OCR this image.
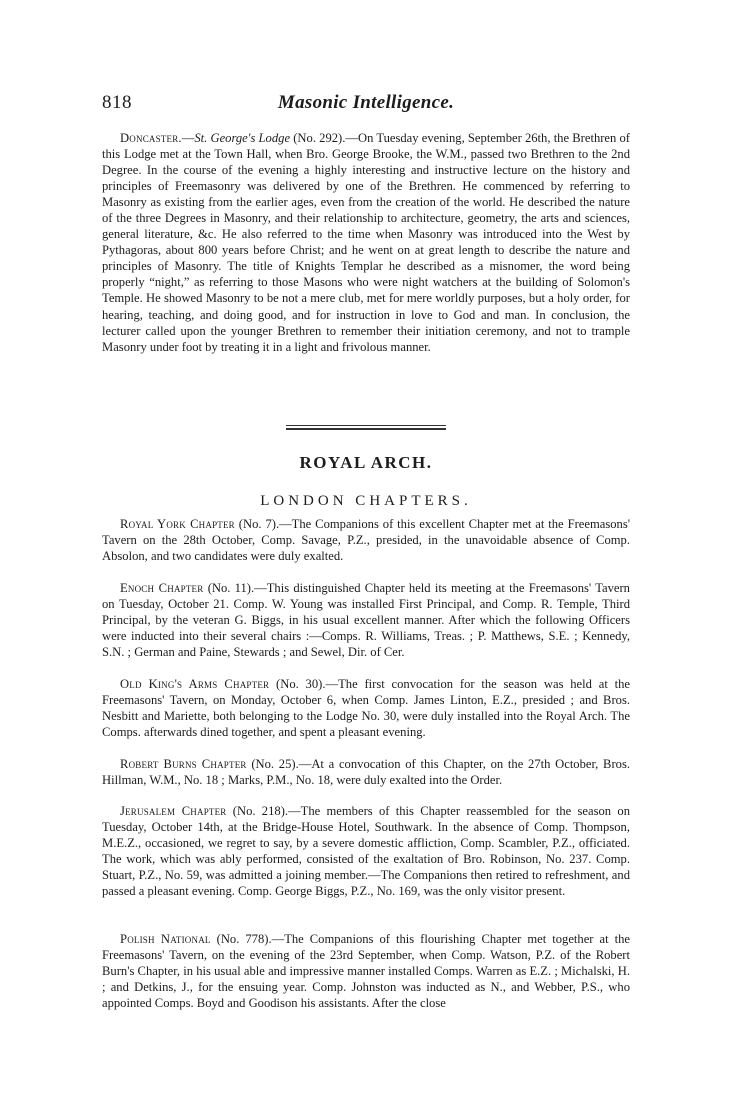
818	Masonic Intelligence.

Doncaster.—St. George's Lodge (No. 292).—On Tuesday evening, September 26th, the Brethren of this Lodge met at the Town Hall, when Bro. George Brooke, the W.M., passed two Brethren to the 2nd Degree. In the course of the evening a highly interesting and instructive lecture on the history and principles of Freemasonry was delivered by one of the Brethren. He commenced by referring to Masonry as existing from the earlier ages, even from the creation of the world. He described the nature of the three Degrees in Masonry, and their relationship to architecture, geometry, the arts and sciences, general literature, &c. He also referred to the time when Masonry was introduced into the West by Pythagoras, about 800 years before Christ; and he went on at great length to describe the nature and principles of Masonry. The title of Knights Templar he described as a misnomer, the word being properly “night,” as referring to those Masons who were night watchers at the building of Solomon's Temple. He showed Masonry to be not a mere club, met for mere worldly purposes, but a holy order, for hearing, teaching, and doing good, and for instruction in love to God and man. In conclusion, the lecturer called upon the younger Brethren to remember their initiation ceremony, and not to trample Masonry under foot by treating it in a light and frivolous manner.

ROYAL ARCH.
LONDON CHAPTERS.

Royal York Chapter (No. 7).—The Companions of this excellent Chapter met at the Freemasons' Tavern on the 28th October, Comp. Savage, P.Z., presided, in the unavoidable absence of Comp. Absolon, and two candidates were duly exalted.

Enoch Chapter (No. 11).—This distinguished Chapter held its meeting at the Freemasons' Tavern on Tuesday, October 21. Comp. W. Young was installed First Principal, and Comp. R. Temple, Third Principal, by the veteran G. Biggs, in his usual excellent manner. After which the following Officers were inducted into their several chairs :—Comps. R. Williams, Treas. ; P. Matthews, S.E. ; Kennedy, S.N. ; German and Paine, Stewards ; and Sewel, Dir. of Cer.

Old King's Arms Chapter (No. 30).—The first convocation for the season was held at the Freemasons' Tavern, on Monday, October 6, when Comp. James Linton, E.Z., presided ; and Bros. Nesbitt and Mariette, both belonging to the Lodge No. 30, were duly installed into the Royal Arch. The Comps. afterwards dined together, and spent a pleasant evening.

Robert Burns Chapter (No. 25).—At a convocation of this Chapter, on the 27th October, Bros. Hillman, W.M., No. 18 ; Marks, P.M., No. 18, were duly exalted into the Order.

Jerusalem Chapter (No. 218).—The members of this Chapter reassembled for the season on Tuesday, October 14th, at the Bridge-House Hotel, Southwark. In the absence of Comp. Thompson, M.E.Z., occasioned, we regret to say, by a severe domestic affliction, Comp. Scambler, P.Z., officiated. The work, which was ably performed, consisted of the exaltation of Bro. Robinson, No. 237. Comp. Stuart, P.Z., No. 59, was admitted a joining member.—The Companions then retired to refreshment, and passed a pleasant evening. Comp. George Biggs, P.Z., No. 169, was the only visitor present.

Polish National (No. 778).—The Companions of this flourishing Chapter met together at the Freemasons' Tavern, on the evening of the 23rd September, when Comp. Watson, P.Z. of the Robert Burn's Chapter, in his usual able and impressive manner installed Comps. Warren as E.Z. ; Michalski, H. ; and Detkins, J., for the ensuing year. Comp. Johnston was inducted as N., and Webber, P.S., who appointed Comps. Boyd and Goodison his assistants. After the close
